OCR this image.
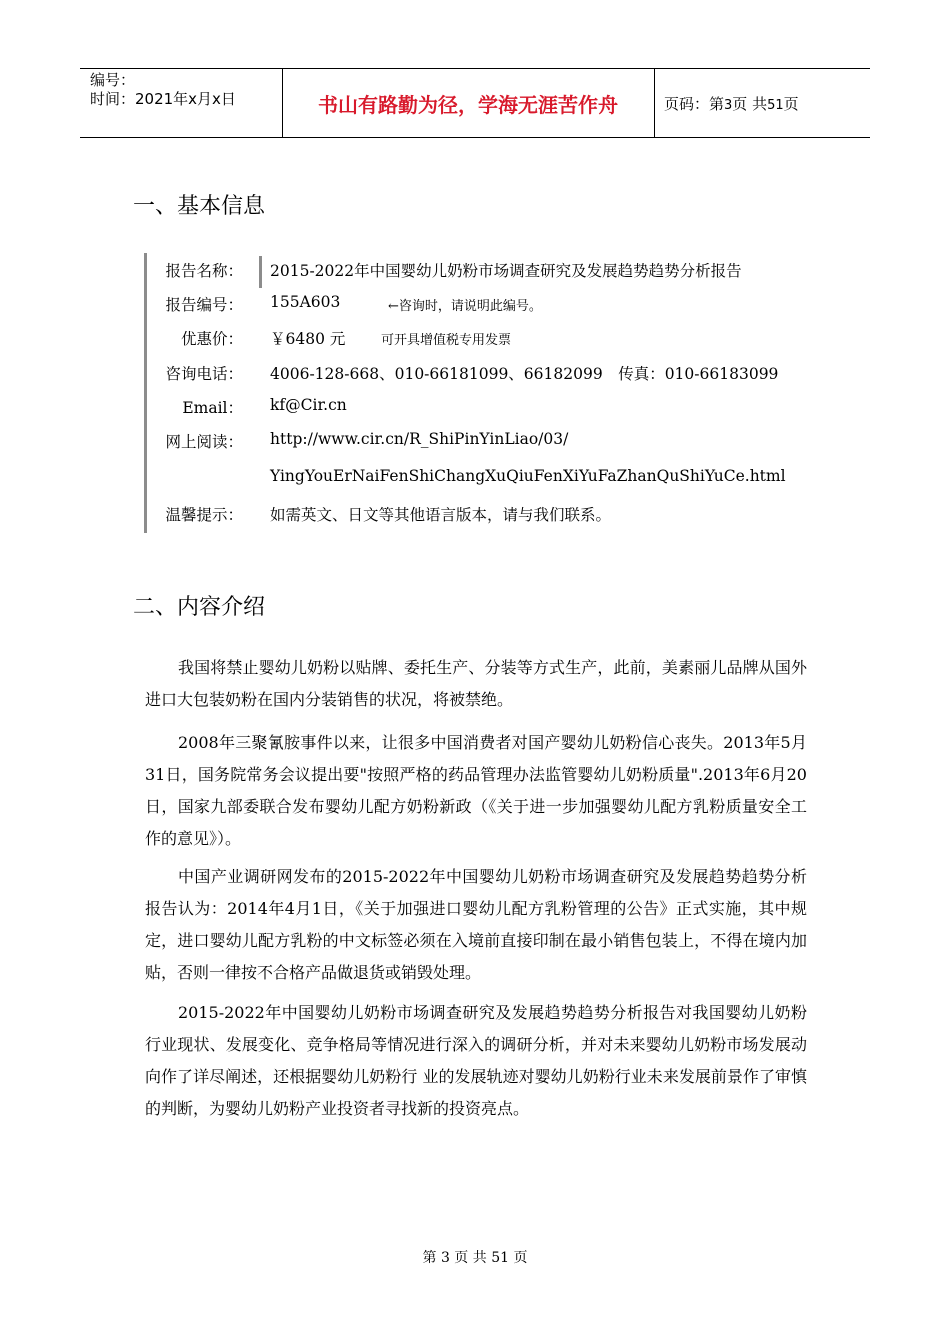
编号：
时间：2021年x月x日	书山有路勤为径，学海无涯苦作舟	页码：第3页 共51页
一、基本信息
报告名称： 2015-2022年中国婴幼儿奶粉市场调查研究及发展趋势趋势分析报告
报告编号： 155A603	←咨询时，请说明此编号。
优惠价： ￥6480 元	可开具增值税专用发票
咨询电话： 4006-128-668、010-66181099、66182099　传真：010-66183099
Email： kf@Cir.cn
网上阅读： http://www.cir.cn/R_ShiPinYinLiao/03/
YingYouErNaiFenShiChangXuQiuFenXiYuFaZhanQuShiYuCe.html
温馨提示： 如需英文、日文等其他语言版本，请与我们联系。
二、内容介绍
我国将禁止婴幼儿奶粉以贴牌、委托生产、分装等方式生产，此前，美素丽儿品牌从国外进口大包装奶粉在国内分装销售的状况，将被禁绝。
2008年三聚氰胺事件以来，让很多中国消费者对国产婴幼儿奶粉信心丧失。2013年5月31日，国务院常务会议提出要"按照严格的药品管理办法监管婴幼儿奶粉质量".2013年6月20日，国家九部委联合发布婴幼儿配方奶粉新政（《关于进一步加强婴幼儿配方乳粉质量安全工作的意见》）。
中国产业调研网发布的2015-2022年中国婴幼儿奶粉市场调查研究及发展趋势趋势分析报告认为：2014年4月1日，《关于加强进口婴幼儿配方乳粉管理的公告》正式实施，其中规定，进口婴幼儿配方乳粉的中文标签必须在入境前直接印制在最小销售包装上，不得在境内加贴，否则一律按不合格产品做退货或销毁处理。
2015-2022年中国婴幼儿奶粉市场调查研究及发展趋势趋势分析报告对我国婴幼儿奶粉行业现状、发展变化、竞争格局等情况进行深入的调研分析，并对未来婴幼儿奶粉市场发展动向作了详尽阐述，还根据婴幼儿奶粉行 业的发展轨迹对婴幼儿奶粉行业未来发展前景作了审慎的判断，为婴幼儿奶粉产业投资者寻找新的投资亮点。
第 3 页 共 51 页
